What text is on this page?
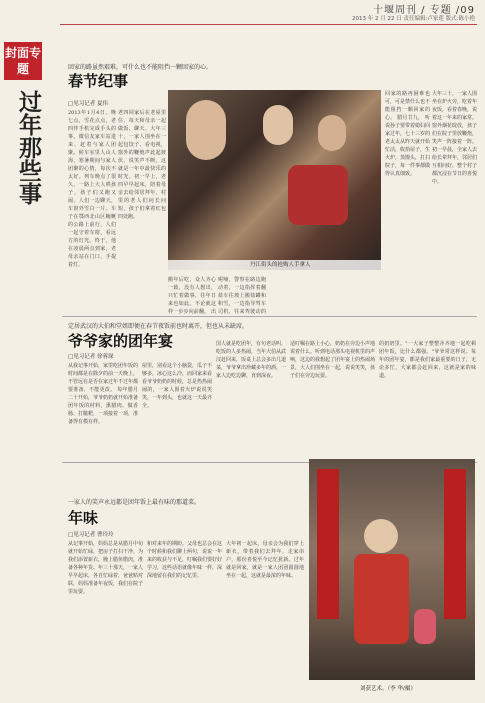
十堰周刊 / 专题 /09
2013 年 2 月 22 日 责任编辑:卢家莲 版式:陈小艳
封面专题
过年那些事
回家的路虽然艰难，可什么也不能阻挡一颗回家的心。
春节纪事
□见习记者 夏伟
2013年1月4日，晚七点，雪花点点，老四伴手机完成手头的事，微信友家车站进来，赶着与家人团聚。候车室里人山人海，寒暑期间与家人团聚的心情，每次不太好。列车晚点了很久，一路上大人哄孩子，孩子们又跑又闹，人们一边聊天，车窗外雪白一片。车子在鄂西北山区蜿蜒的公路上前行，人们一起守着车窗，看远方的灯光。终于，他在凌晨两点到家，老母亲站在门口，手提着灯。
老四回家后在老屋里住，每天和母亲一起做饭、聊天。大年三十，一家人围坐在一起包饺子、看电视，窗外的鞭炮声此起彼伏，说笑声不断，这就是一年中最快乐的时光。初一早上，老四早早起床，陪着母亲去给邻居拜年，村里的老人们问长问短，孩子们拿着红包四处跑。
丹江街头的抢购人手拿人
搬年后吃，众人齐心一致，没有人想出，只忙着做事，往年日来也如此。不论就这样一步步向前翻。 出
呢喃，警察在路边跑动着，一边指挥着翻盐车往坡上搬盐罐和积雪，一边指导驾车司机，往来驾驶动的
回家的路再困难也可，可是禁什么也不能阻挡一颗回家的心。 腊月廿九， 听说孙子要带着媳妇回家过年，七十三岁的老太太从昨天就开始忙活，收拾屋子，生火炉，蒸馒头，打扫院子，每一件事都做得认真细致。
大年三十，一家人围坐在炉火旁，吃着年夜饭，看着春晚，说着这一年来的家常。窗外烟花绽放，孩子们在院子里放鞭炮，笑声一阵接着一阵。初一早晨，全家人去给长辈拜年，邻居们互相问好，整个村子都沉浸在节日的喜悦中。
定居武汉的大伯和堂姐即便在春节夜饭前也时离开，但也从未缺席。
爷爷家的团年宴
□见习记者 徐蓉琛
从我记事开始，家里吃团年饭的时间都是在除夕的前一天晚上，不管远在是否在家过年不过年都要准备，不能更改。 每年腊月二十开始，爷爷奶奶就开始准备团年饭的材料，熏腊肉、做香肠、打糍粑，一项接着一项，准备得有模有样。
屋里，别看这个小脑袋，瓜子不够多，冰心这么冷，而回家来看看爷爷奶奶的时候，总是热热闹闹的，一家人围着火炉说说笑笑，一年到头，也就这一天最齐全。
国人就是吃团年，有句老话叫，吃饭的人多热闹，当年大伯从武汉赶回来，饭桌上总会多出几道菜，爷爷拿出珍藏多年的酒，一家人边吃边聊，直到深夜。
适叮嘱在路上小心，奶奶在旁边小声地说着什么。听到电话那头电视机里的声响，这边的我想起了团年宴上的热闹场景，大人们围坐在一起，说说笑笑，孩子们在旁边玩耍。
的奶奶里。"一大家子整整齐齐地一起吃顿团年饭，比什么都强。"爷爷常这样说。每年的团年宴，都是我们家最重要的日子，无论多忙，大家都会赶回来，这就是家的味道。
一家人的笑声永远都是团年饭上最有味的那道菜。
年味
□见习记者 曹玲玲
从记事开始，妈妈总是从腊月中旬就开始忙碌，把房子打扫干净，为我们添置新衣，腌上腊鱼腊肉，准备各种年货。年三十那天，一家人早早起床，各自忙碌着，爸爸贴对联，妈妈准备年夜饭，我们在院子里玩耍。
和对来年的期盼。父母也总会在这个时候和我们聊上两句，说说一年来的收获与不足，叮嘱我们要好好学习，这些话语就像年味一样，深深地留在我们的记忆里。
大年初一起床，母亲会为我们穿上新衣，带着我们去拜年，走家串户，那份喜悦至今记忆犹新。过年就是回家，就是一家人团团圆圆地坐在一起，这就是最浓的年味。
刘获艺术。（李 华/摄）
